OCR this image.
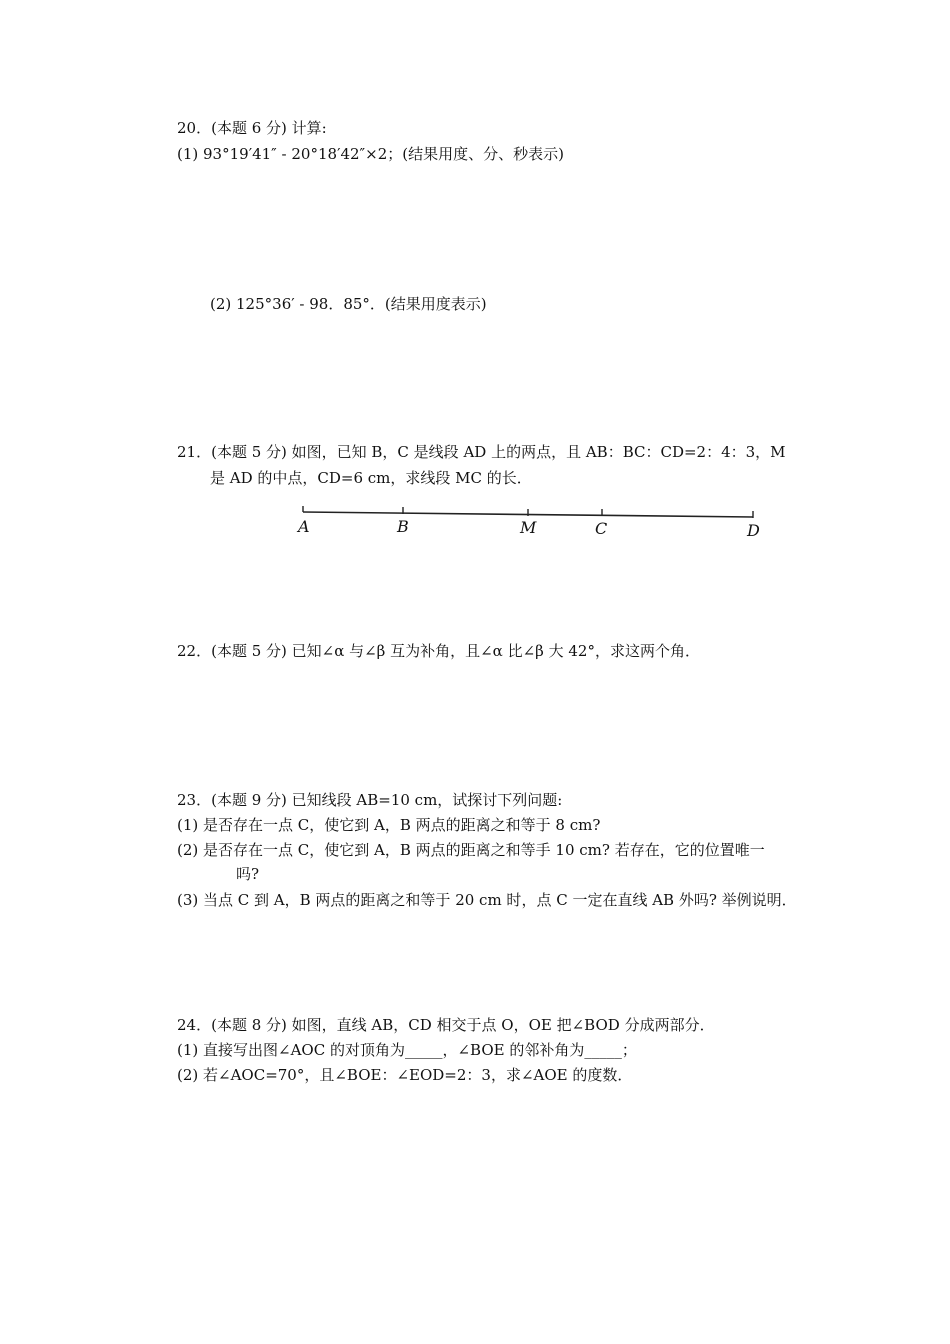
20．(本题 6 分) 计算:
(1) 93°19′41″ - 20°18′42″×2；(结果用度、分、秒表示)
(2) 125°36′ - 98．85°．(结果用度表示)
21．(本题 5 分) 如图，已知 B，C 是线段 AD 上的两点，且 AB：BC：CD=2：4：3，M
是 AD 的中点，CD=6 cm，求线段 MC 的长．
A	B	M	C	D
22．(本题 5 分) 已知∠α 与∠β 互为补角，且∠α 比∠β 大 42°，求这两个角．
23．(本题 9 分) 已知线段 AB=10 cm，试探讨下列问题:
(1) 是否存在一点 C，使它到 A，B 两点的距离之和等于 8 cm?
(2) 是否存在一点 C，使它到 A，B 两点的距离之和等手 10 cm? 若存在，它的位置唯一
吗?
(3) 当点 C 到 A，B 两点的距离之和等于 20 cm 时，点 C 一定在直线 AB 外吗? 举例说明．
24．(本题 8 分) 如图，直线 AB，CD 相交于点 O，OE 把∠BOD 分成两部分．
(1) 直接写出图∠AOC 的对顶角为_____，∠BOE 的邻补角为_____；
(2) 若∠AOC=70°，且∠BOE：∠EOD=2：3，求∠AOE 的度数．
